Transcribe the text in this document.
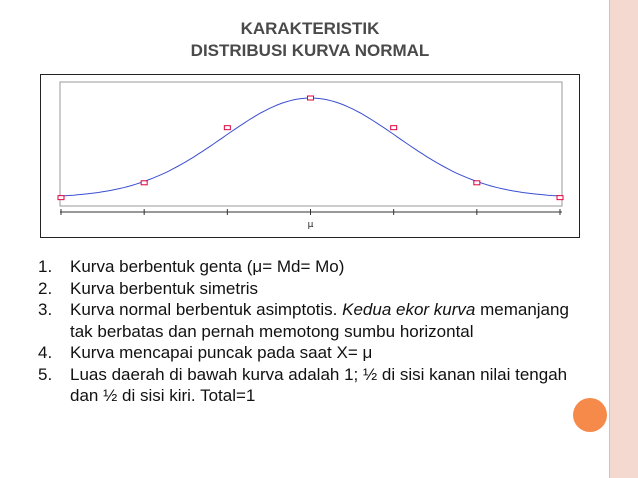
KARAKTERISTIK
DISTRIBUSI KURVA NORMAL
μ
1. Kurva berbentuk genta (μ= Md= Mo)
2. Kurva berbentuk simetris
3. Kurva normal berbentuk asimptotis. Kedua ekor kurva memanjang tak berbatas dan pernah memotong sumbu horizontal
4. Kurva mencapai puncak pada saat X= μ
5. Luas daerah di bawah kurva adalah 1; ½ di sisi kanan nilai tengah dan ½ di sisi kiri. Total=1
